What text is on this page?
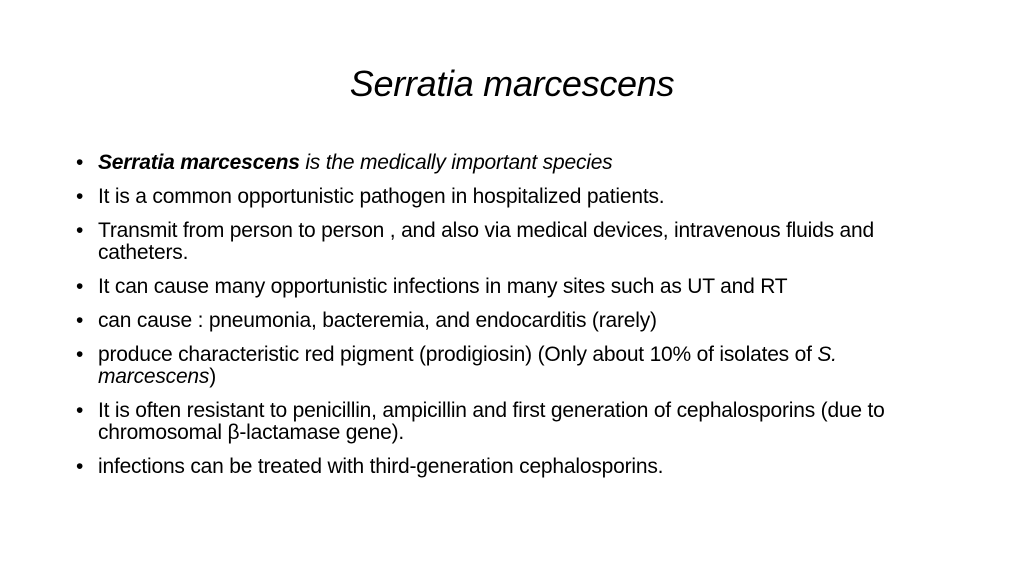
Serratia marcescens
• Serratia marcescens is the medically important species
• It is a common opportunistic pathogen in hospitalized patients.
• Transmit from person to person , and also via medical devices, intravenous fluids and catheters.
• It can cause many opportunistic infections in many sites such as UT and RT
• can cause : pneumonia, bacteremia, and endocarditis (rarely)
• produce characteristic red pigment (prodigiosin) (Only about 10% of isolates of S. marcescens)
• It is often resistant to penicillin, ampicillin and first generation of cephalosporins (due to chromosomal β-lactamase gene).
• infections can be treated with third-generation cephalosporins.
